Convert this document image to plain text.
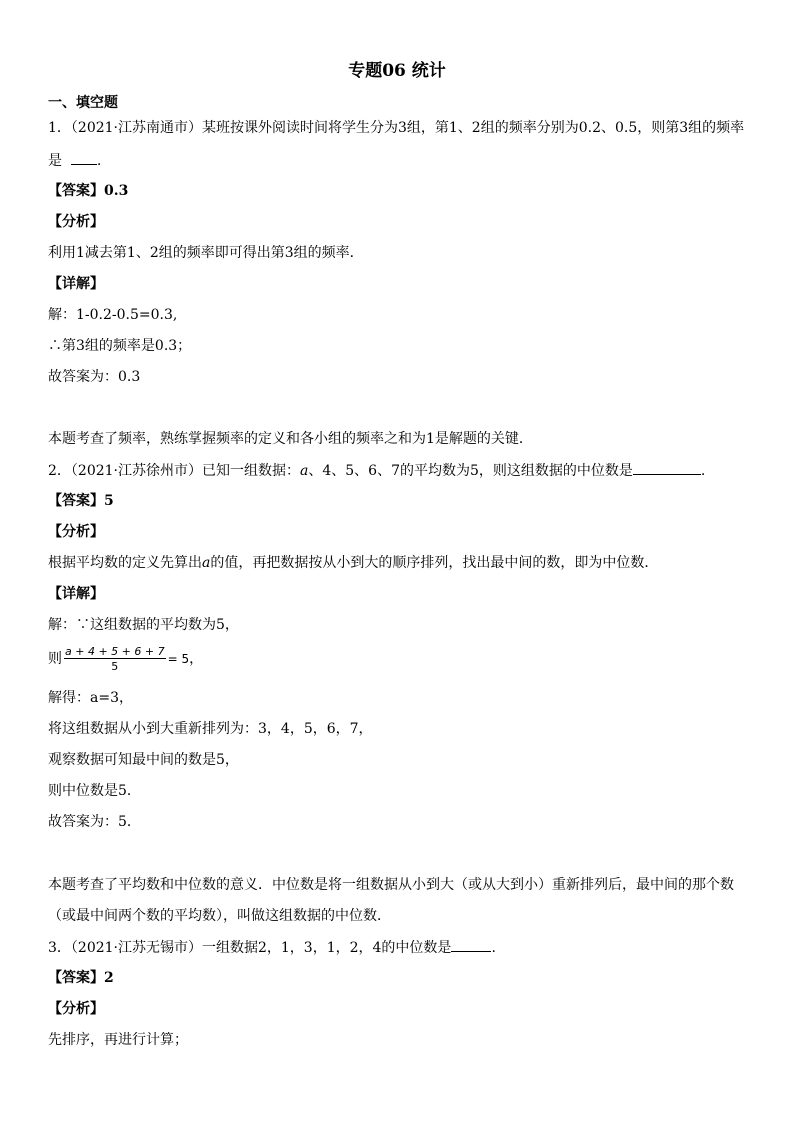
专题06 统计
一、填空题
1．（2021·江苏南通市）某班按课外阅读时间将学生分为3组，第1、2组的频率分别为0.2、0.5，则第3组的频率
是 .
【答案】0.3
【分析】
利用1减去第1、2组的频率即可得出第3组的频率．
【详解】
解：1-0.2-0.5=0.3,
∴第3组的频率是0.3；
故答案为：0.3
本题考查了频率，熟练掌握频率的定义和各小组的频率之和为1是解题的关键．
2．（2021·江苏徐州市）已知一组数据：a、4、5、6、7的平均数为5，则这组数据的中位数是	.
【答案】5
【分析】
根据平均数的定义先算出a的值，再把数据按从小到大的顺序排列，找出最中间的数，即为中位数．
【详解】
解：∵这组数据的平均数为5，
则 $\frac{a + 4 + 5 + 6 + 7}{5} = 5$，
解得：a=3，
将这组数据从小到大重新排列为：3，4，5，6，7，
观察数据可知最中间的数是5，
则中位数是5．
故答案为：5．
本题考查了平均数和中位数的意义．中位数是将一组数据从小到大（或从大到小）重新排列后，最中间的那个数
（或最中间两个数的平均数），叫做这组数据的中位数．
3．（2021·江苏无锡市）一组数据2，1，3，1，2，4的中位数是	.
【答案】2
【分析】
先排序，再进行计算；
